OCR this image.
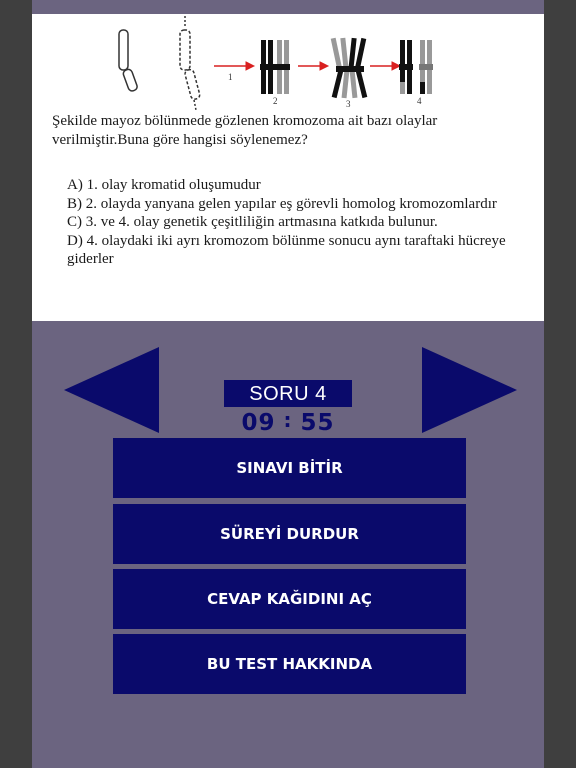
1
2	3	4
Şekilde mayoz bölünmede gözlenen kromozoma ait bazı olaylar verilmiştir.Buna göre hangisi söylenemez?
A) 1. olay kromatid oluşumudur
B) 2. olayda yanyana gelen yapılar eş görevli homolog kromozomlardır
C) 3. ve 4. olay genetik çeşitliliğin artmasına katkıda bulunur.
D) 4. olaydaki iki ayrı kromozom bölünme sonucu aynı taraftaki hücreye giderler
SORU 4
09 : 55
SINAVI BİTİR
SÜREYİ DURDUR
CEVAP KAĞIDINI AÇ
BU TEST HAKKINDA
